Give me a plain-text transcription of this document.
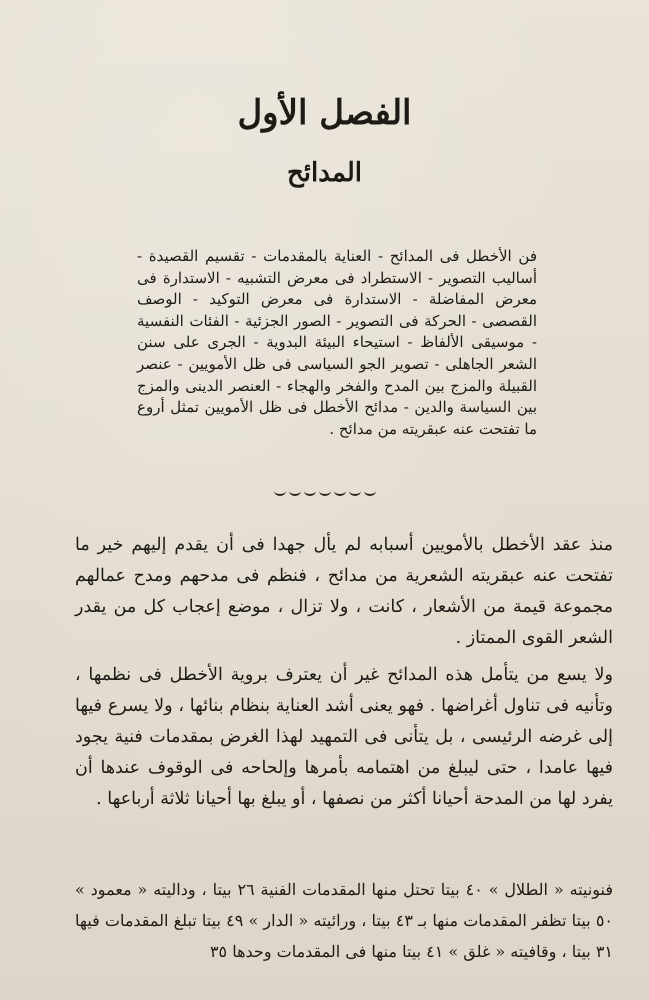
الفصل الأول
المدائح

فن الأخطل فى المدائح - العناية بالمقدمات - تقسيم القصيدة - أساليب التصوير - الاستطراد فى معرض التشبيه - الاستدارة فى معرض المفاضلة - الاستدارة فى معرض التوكيد - الوصف القصصى - الحركة فى التصوير - الصور الجزئية - الفئات النفسية - موسيقى الألفاظ - استيحاء البيئة البدوية - الجرى على سنن الشعر الجاهلى - تصوير الجو السياسى فى ظل الأمويين - عنصر القبيلة والمزج بين المدح والفخر والهجاء - العنصر الدينى والمزج بين السياسة والدين - مدائح الأخطل فى ظل الأمويين تمثل أروع ما تفتحت عنه عبقريته من مدائح .

منذ عقد الأخطل بالأمويين أسبابه لم يأل جهدا فى أن يقدم إليهم خير ما تفتحت عنه عبقريته الشعرية من مدائح ، فنظم فى مدحهم ومدح عمالهم مجموعة قيمة من الأشعار ، كانت ، ولا تزال ، موضع إعجاب كل من يقدر الشعر القوى الممتاز .

ولا يسع من يتأمل هذه المدائح غير أن يعترف بروية الأخطل فى نظمها ، وتأنيه فى تناول أغراضها . فهو يعنى أشد العناية بنظام بنائها ، ولا يسرع فيها إلى غرضه الرئيسى ، بل يتأنى فى التمهيد لهذا الغرض بمقدمات فنية يجود فيها عامدا ، حتى ليبلغ من اهتمامه بأمرها وإلحاحه فى الوقوف عندها أن يفرد لها من المدحة أحيانا أكثر من نصفها ، أو يبلغ بها أحيانا ثلاثة أرباعها .

فنونيته « الطلال » ٤٠ بيتا تحتل منها المقدمات الفنية ٢٦ بيتا ، وداليته « معمود » ٥٠ بيتا تظفر المقدمات منها بـ ٤٣ بيتا ، ورائيته « الدار » ٤٩ بيتا تبلغ المقدمات فيها ٣١ بيتا ، وقافيته « غلق » ٤١ بيتا منها فى المقدمات وحدها ٣٥
